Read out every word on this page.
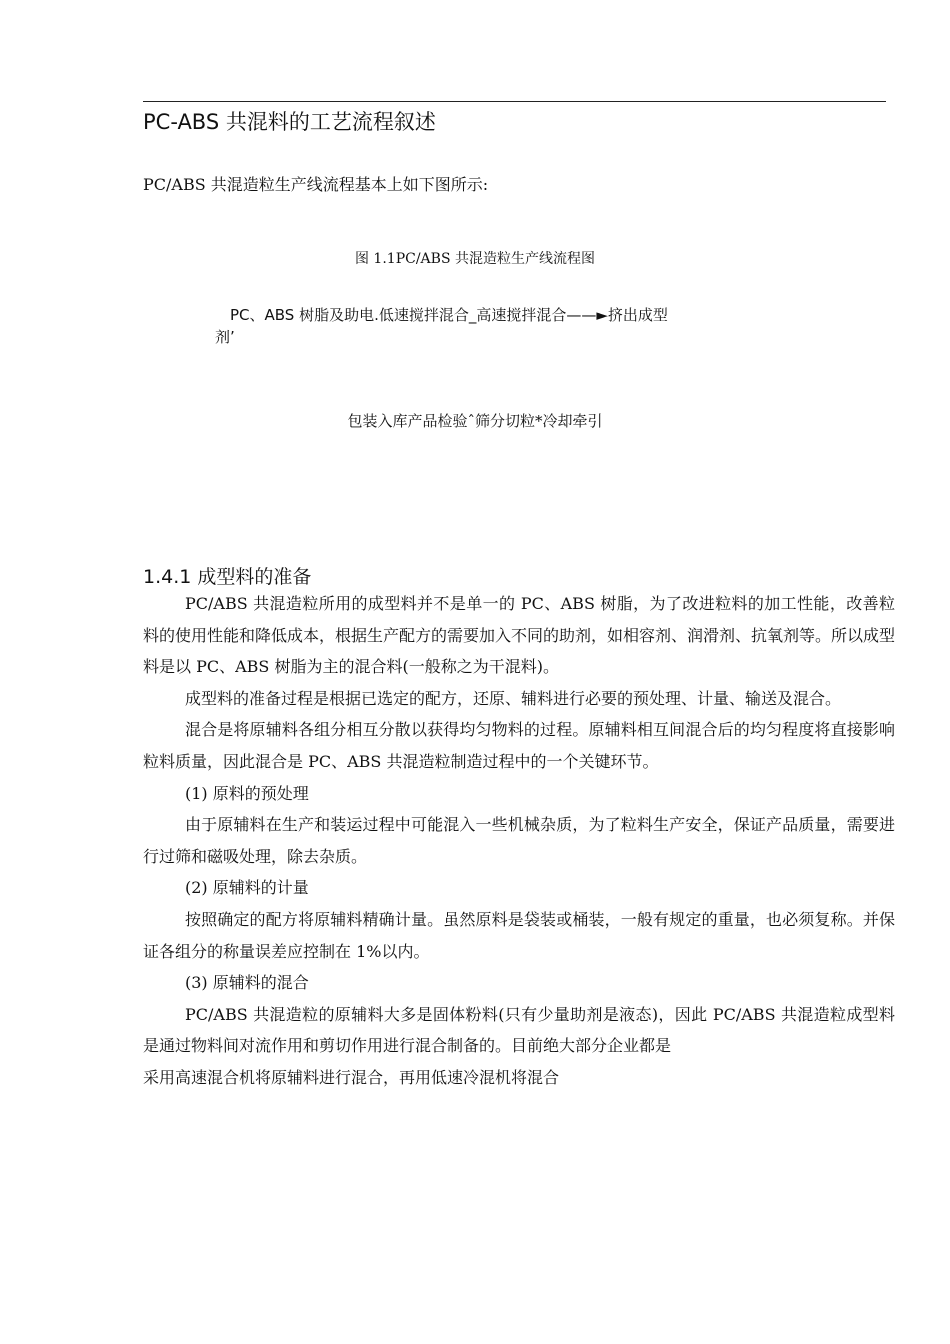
PC-ABS 共混料的工艺流程叙述
PC/ABS 共混造粒生产线流程基本上如下图所示:
图 1.1PC/ABS 共混造粒生产线流程图
PC、ABS 树脂及助电.低速搅拌混合_高速搅拌混合——►挤出成型
剂’
包装入库产品检验ˆ筛分切粒*冷却牵引
1.4.1 成型料的准备

PC/ABS 共混造粒所用的成型料并不是单一的 PC、ABS 树脂，为了改进粒料的加工性能，改善粒料的使用性能和降低成本，根据生产配方的需要加入不同的助剂，如相容剂、润滑剂、抗氧剂等。所以成型料是以 PC、ABS 树脂为主的混合料(一般称之为干混料)。

成型料的准备过程是根据已选定的配方，还原、辅料进行必要的预处理、计量、输送及混合。

混合是将原辅料各组分相互分散以获得均匀物料的过程。原辅料相互间混合后的均匀程度将直接影响粒料质量，因此混合是 PC、ABS 共混造粒制造过程中的一个关键环节。

(1) 原料的预处理

由于原辅料在生产和装运过程中可能混入一些机械杂质，为了粒料生产安全，保证产品质量，需要进行过筛和磁吸处理，除去杂质。

(2) 原辅料的计量

按照确定的配方将原辅料精确计量。虽然原料是袋装或桶装，一般有规定的重量，也必须复称。并保证各组分的称量误差应控制在 1%以内。

(3) 原辅料的混合

PC/ABS 共混造粒的原辅料大多是固体粉料(只有少量助剂是液态)，因此 PC/ABS 共混造粒成型料是通过物料间对流作用和剪切作用进行混合制备的。目前绝大部分企业都是

采用高速混合机将原辅料进行混合，再用低速冷混机将混合
